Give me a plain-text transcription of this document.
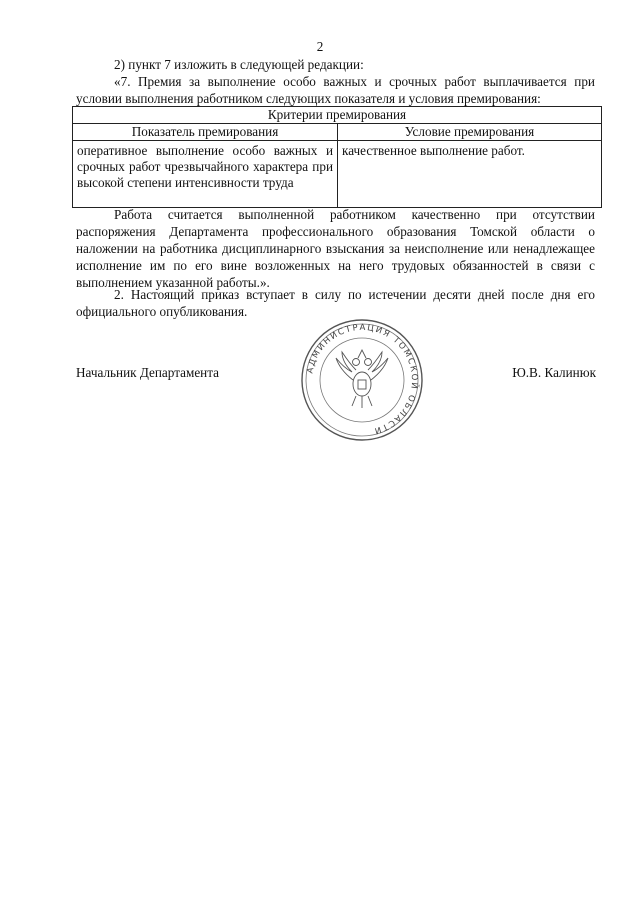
2
2) пункт 7 изложить в следующей редакции:
«7. Премия за выполнение особо важных и срочных работ выплачивается при условии выполнения работником следующих показателя и условия премирования:
Критерии премирования	
Показатель премирования	Условие премирования
оперативное выполнение особо важных и срочных работ чрезвычайного характера при высокой степени интенсивности труда	качественное выполнение работ.
Работа считается выполненной работником качественно при отсутствии распоряжения Департамента профессионального образования Томской области о наложении на работника дисциплинарного взыскания за неисполнение или ненадлежащее исполнение им по его вине возложенных на него трудовых обязанностей в связи с выполнением указанной работы.».
2. Настоящий приказ вступает в силу по истечении десяти дней после дня его официального опубликования.
Начальник Департамента	АДМИНИСТРАЦИЯ ТОМСКОЙ ОБЛАСТИ
Ю.В. Калинюк
